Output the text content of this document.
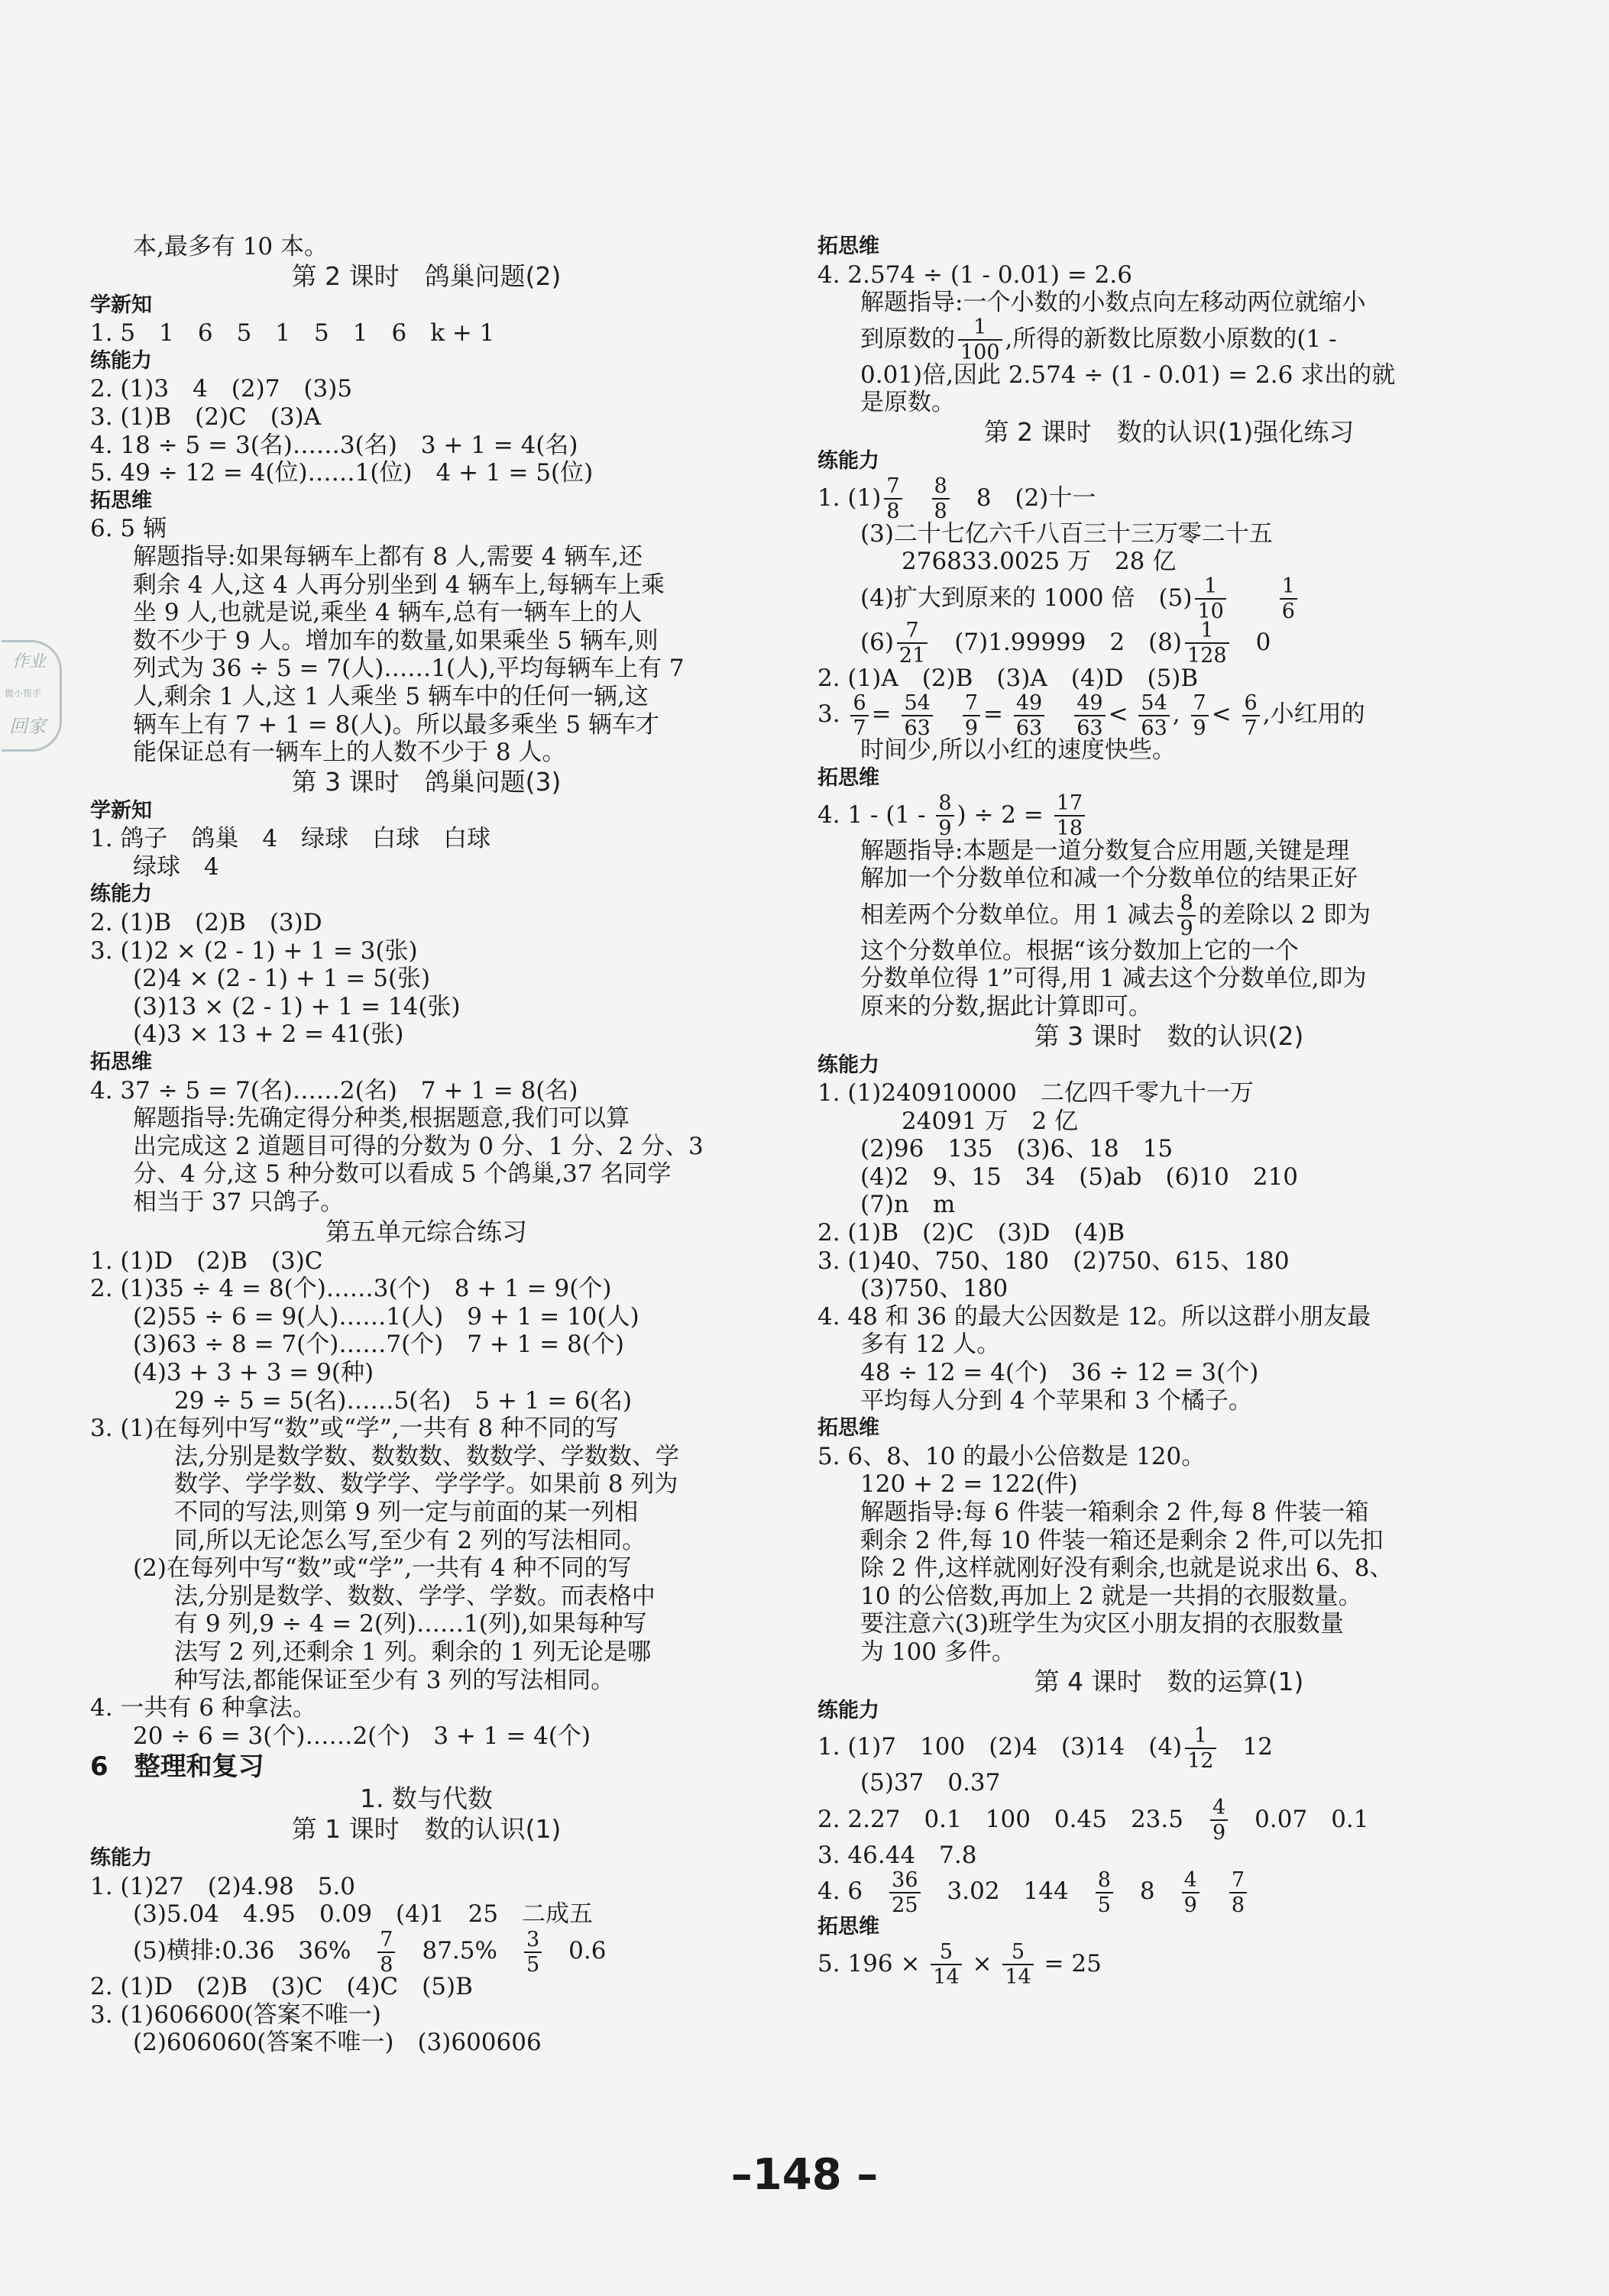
作业
微小帮手
回家
本,最多有 10 本。
第 2 课时　鸽巢问题(2)
学新知
1. 5　1　6　5　1　5　1　6　k + 1
练能力
2. (1)3　4　(2)7　(3)5
3. (1)B　(2)C　(3)A
4. 18 ÷ 5 = 3(名)……3(名)　3 + 1 = 4(名)
5. 49 ÷ 12 = 4(位)……1(位)　4 + 1 = 5(位)
拓思维
6. 5 辆
解题指导:如果每辆车上都有 8 人,需要 4 辆车,还
剩余 4 人,这 4 人再分别坐到 4 辆车上,每辆车上乘
坐 9 人,也就是说,乘坐 4 辆车,总有一辆车上的人
数不少于 9 人。增加车的数量,如果乘坐 5 辆车,则
列式为 36 ÷ 5 = 7(人)……1(人),平均每辆车上有 7
人,剩余 1 人,这 1 人乘坐 5 辆车中的任何一辆,这
辆车上有 7 + 1 = 8(人)。所以最多乘坐 5 辆车才
能保证总有一辆车上的人数不少于 8 人。
第 3 课时　鸽巢问题(3)
学新知
1. 鸽子　鸽巢　4　绿球　白球　白球
绿球　4
练能力
2. (1)B　(2)B　(3)D
3. (1)2 × (2 - 1) + 1 = 3(张)
(2)4 × (2 - 1) + 1 = 5(张)
(3)13 × (2 - 1) + 1 = 14(张)
(4)3 × 13 + 2 = 41(张)
拓思维
4. 37 ÷ 5 = 7(名)……2(名)　7 + 1 = 8(名)
解题指导:先确定得分种类,根据题意,我们可以算
出完成这 2 道题目可得的分数为 0 分、1 分、2 分、3
分、4 分,这 5 种分数可以看成 5 个鸽巢,37 名同学
相当于 37 只鸽子。
第五单元综合练习
1. (1)D　(2)B　(3)C
2. (1)35 ÷ 4 = 8(个)……3(个)　8 + 1 = 9(个)
(2)55 ÷ 6 = 9(人)……1(人)　9 + 1 = 10(人)
(3)63 ÷ 8 = 7(个)……7(个)　7 + 1 = 8(个)
(4)3 + 3 + 3 = 9(种)
29 ÷ 5 = 5(名)……5(名)　5 + 1 = 6(名)
3. (1)在每列中写“数”或“学”,一共有 8 种不同的写
法,分别是数学数、数数数、数数学、学数数、学
数学、学学数、数学学、学学学。如果前 8 列为
不同的写法,则第 9 列一定与前面的某一列相
同,所以无论怎么写,至少有 2 列的写法相同。
(2)在每列中写“数”或“学”,一共有 4 种不同的写
法,分别是数学、数数、学学、学数。而表格中
有 9 列,9 ÷ 4 = 2(列)……1(列),如果每种写
法写 2 列,还剩余 1 列。剩余的 1 列无论是哪
种写法,都能保证至少有 3 列的写法相同。
4. 一共有 6 种拿法。
20 ÷ 6 = 3(个)……2(个)　3 + 1 = 4(个)
6　整理和复习
1. 数与代数
第 1 课时　数的认识(1)
练能力
1. (1)27　(2)4.98　5.0
(3)5.04　4.95　0.09　(4)1　25　二成五
(5)横排:0.36　36%　 $\frac{7}{8}$ 　87.5%　 $\frac{3}{5}$ 　0.6
2. (1)D　(2)B　(3)C　(4)C　(5)B
3. (1)606600(答案不唯一)
(2)606060(答案不唯一)　(3)600606
拓思维
4. 2.574 ÷ (1 - 0.01) = 2.6
解题指导:一个小数的小数点向左移动两位就缩小
到原数的 $\frac{1}{100}$ ,所得的新数比原数小原数的(1 -
0.01)倍,因此 2.574 ÷ (1 - 0.01) = 2.6 求出的就
是原数。
第 2 课时　数的认识(1)强化练习
练能力
1. $(1) \frac{7}{8}$
　 $\frac{8}{8}$ 　8　(2)十一
(3)二十七亿六千八百三十三万零二十五
276833.0025 万　28 亿
(4)扩大到原来的 1000 倍　$(5) \frac{1}{10}$
　　	$\frac{1}{6}$
$(6) \frac{7}{21}$ 　(7)1.99999　2　$(8) \frac{1}{128}$ 　0
2. (1)A　(2)B　(3)A　(4)D　(5)B
3. $\frac{6}{7} = \frac{54}{63}$
　 $\frac{7}{9} = \frac{49}{63}$
　 $\frac{49}{63} < \frac{54}{63}$ , $\frac{7}{9} < \frac{6}{7}$ ,小红用的
时间少,所以小红的速度快些。
拓思维
4. $1 - (1 - \frac{8}{9}$ ) ÷ $2 = \frac{17}{18}$
解题指导:本题是一道分数复合应用题,关键是理
解加一个分数单位和减一个分数单位的结果正好
相差两个分数单位。用 1 减去 $\frac{8}{9}$ 的差除以 2 即为
这个分数单位。根据“该分数加上它的一个
分数单位得 1”可得,用 1 减去这个分数单位,即为
原来的分数,据此计算即可。
第 3 课时　数的认识(2)
练能力
1. (1)240910000　二亿四千零九十一万
24091 万　2 亿
(2)96　135　(3)6、18　15
(4)2　9、15　34　(5)ab　(6)10　210
(7)n　m
2. (1)B　(2)C　(3)D　(4)B
3. (1)40、750、180　(2)750、615、180
(3)750、180
4. 48 和 36 的最大公因数是 12。所以这群小朋友最
多有 12 人。
48 ÷ 12 = 4(个)　36 ÷ 12 = 3(个)
平均每人分到 4 个苹果和 3 个橘子。
拓思维
5. 6、8、10 的最小公倍数是 120。
120 + 2 = 122(件)
解题指导:每 6 件装一箱剩余 2 件,每 8 件装一箱
剩余 2 件,每 10 件装一箱还是剩余 2 件,可以先扣
除 2 件,这样就刚好没有剩余,也就是说求出 6、8、
10 的公倍数,再加上 2 就是一共捐的衣服数量。
要注意六(3)班学生为灾区小朋友捐的衣服数量
为 100 多件。
第 4 课时　数的运算(1)
练能力
1. (1)7　100　(2)4　(3)14　$(4) \frac{1}{12}$ 　12
(5)37　0.37
2. 2.27　0.1　100　0.45　23.5　 $\frac{4}{9}$ 　0.07　0.1
3. 46.44　7.8
4. 6　 $\frac{36}{25}$ 　3.02　144　 $\frac{8}{5}$ 　8　 $\frac{4}{9}$
　 $\frac{7}{8}$
拓思维
5. $196 \times \frac{5}{14} \times \frac{5}{14} = 25$
–148 –
